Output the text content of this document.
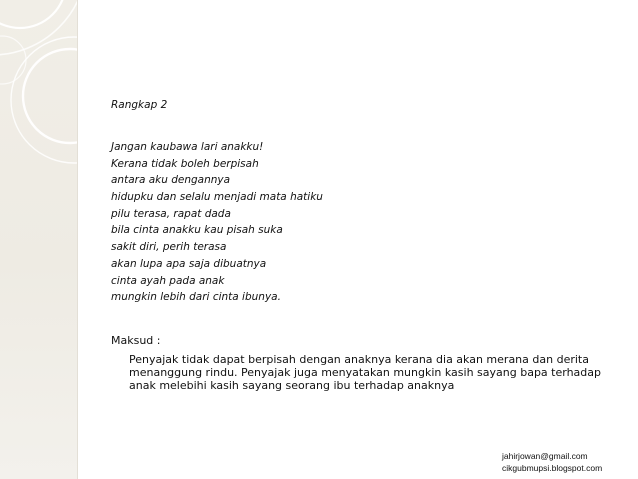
Rangkap 2
Jangan kaubawa lari anakku!
Kerana tidak boleh berpisah
antara aku dengannya
hidupku dan selalu menjadi mata hatiku
pilu terasa, rapat dada
bila cinta anakku kau pisah suka
sakit diri, perih terasa
akan lupa apa saja dibuatnya
cinta ayah pada anak
mungkin lebih dari cinta ibunya.
Maksud :
Penyajak tidak dapat berpisah dengan anaknya kerana dia akan merana dan derita menanggung rindu. Penyajak juga menyatakan mungkin kasih sayang bapa terhadap anak melebihi kasih sayang seorang ibu terhadap anaknya
jahirjowan@gmail.com
cikgubmupsi.blogspot.com
